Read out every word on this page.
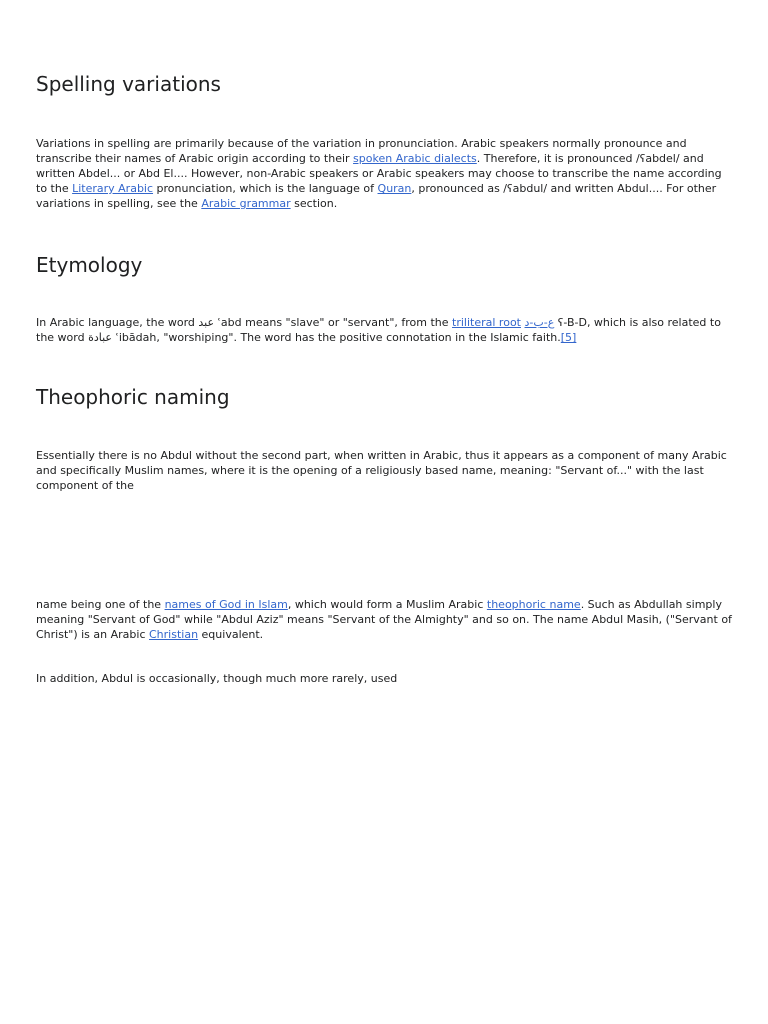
Spelling variations

Variations in spelling are primarily because of the variation in pronunciation. Arabic speakers normally pronounce and transcribe their names of Arabic origin according to their spoken Arabic dialects. Therefore, it is pronounced /ʕabdel/ and written Abdel... or Abd El.... However, non-Arabic speakers or Arabic speakers may choose to transcribe the name according to the Literary Arabic pronunciation, which is the language of Quran, pronounced as /ʕabdul/ and written Abdul.... For other variations in spelling, see the Arabic grammar section.

Etymology

In Arabic language, the word عبد ʿabd means "slave" or "servant", from the triliteral root ع-ب-د ʕ-B-D, which is also related to the word عبادة ʿibādah, "worshiping". The word has the positive connotation in the Islamic faith.[5]

Theophoric naming

Essentially there is no Abdul without the second part, when written in Arabic, thus it appears as a component of many Arabic and specifically Muslim names, where it is the opening of a religiously based name, meaning: "Servant of..." with the last component of the

name being one of the names of God in Islam, which would form a Muslim Arabic theophoric name. Such as Abdullah simply meaning "Servant of God" while "Abdul Aziz" means "Servant of the Almighty" and so on. The name Abdul Masih, ("Servant of Christ") is an Arabic Christian equivalent.

In addition, Abdul is occasionally, though much more rarely, used
